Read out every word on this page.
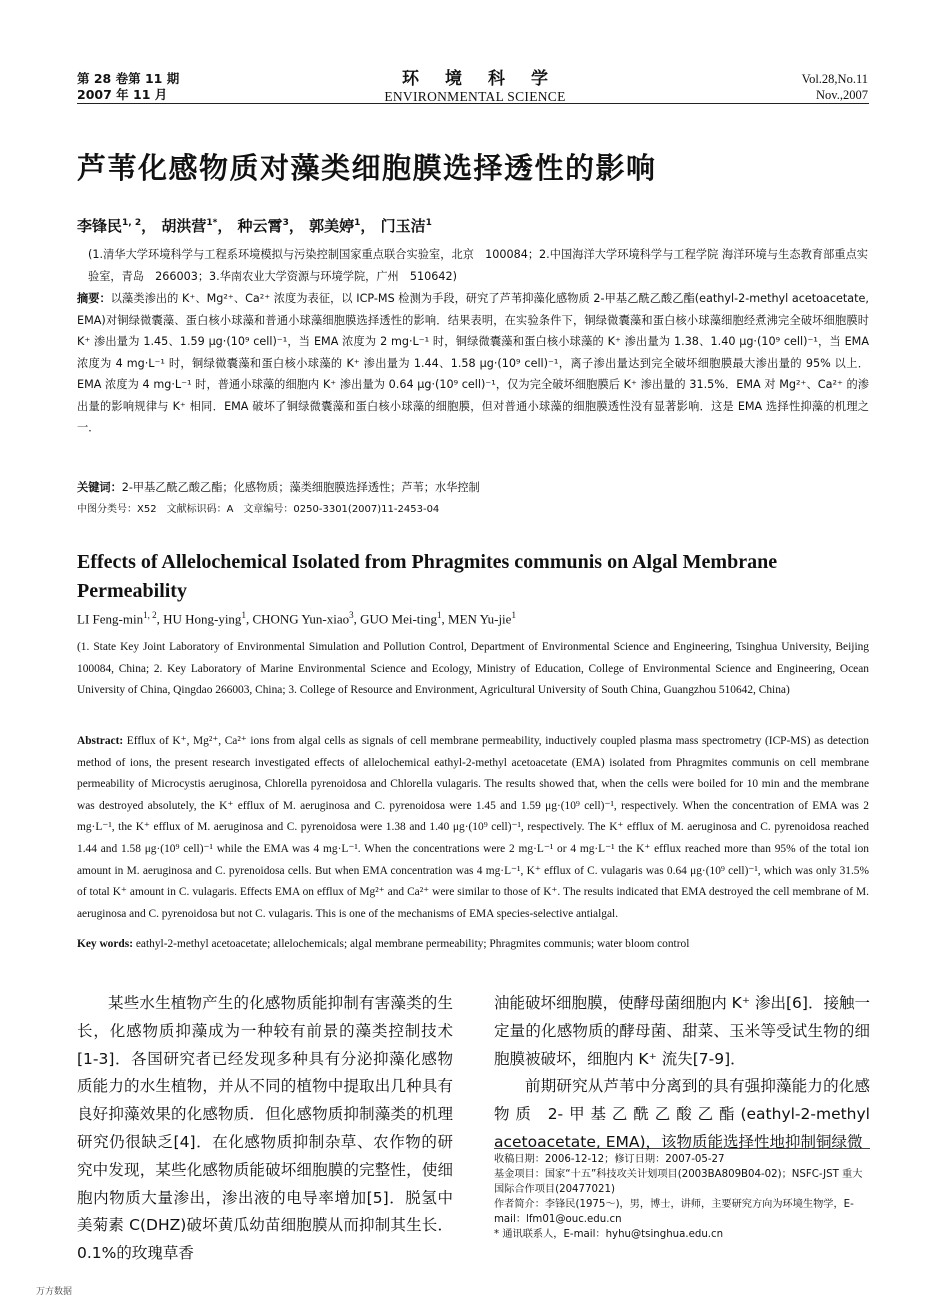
第 28 卷第 11 期
2007 年 11 月
环境科学
ENVIRONMENTAL SCIENCE
Vol.28,No.11
Nov.,2007
芦苇化感物质对藻类细胞膜选择透性的影响
李锋民$^{1, 2}$， 胡洪营$^{1*}$， 种云霄$^3$， 郭美婷$^1$， 门玉洁$^1$
(1.清华大学环境科学与工程系环境模拟与污染控制国家重点联合实验室，北京　100084；2.中国海洋大学环境科学与工程学院 海洋环境与生态教育部重点实验室，青岛　266003；3.华南农业大学资源与环境学院，广州　510642)
摘要：以藻类渗出的 K⁺、Mg²⁺、Ca²⁺ 浓度为表征，以 ICP-MS 检测为手段，研究了芦苇抑藻化感物质 2-甲基乙酰乙酸乙酯(eathyl-2-methyl acetoacetate, EMA)对铜绿微囊藻、蛋白核小球藻和普通小球藻细胞膜选择透性的影响．结果表明，在实验条件下，铜绿微囊藻和蛋白核小球藻细胞经煮沸完全破坏细胞膜时 K⁺ 渗出量为 1.45、1.59 μg·(10⁹ cell)⁻¹，当 EMA 浓度为 2 mg·L⁻¹ 时，铜绿微囊藻和蛋白核小球藻的 K⁺ 渗出量为 1.38、1.40 μg·(10⁹ cell)⁻¹，当 EMA 浓度为 4 mg·L⁻¹ 时，铜绿微囊藻和蛋白核小球藻的 K⁺ 渗出量为 1.44、1.58 μg·(10⁹ cell)⁻¹，离子渗出量达到完全破坏细胞膜最大渗出量的 95% 以上．EMA 浓度为 4 mg·L⁻¹ 时，普通小球藻的细胞内 K⁺ 渗出量为 0.64 μg·(10⁹ cell)⁻¹，仅为完全破坏细胞膜后 K⁺ 渗出量的 31.5%．EMA 对 Mg²⁺、Ca²⁺ 的渗出量的影响规律与 K⁺ 相同．EMA 破坏了铜绿微囊藻和蛋白核小球藻的细胞膜，但对普通小球藻的细胞膜透性没有显著影响．这是 EMA 选择性抑藻的机理之一．
关键词：2-甲基乙酰乙酸乙酯；化感物质；藻类细胞膜选择透性；芦苇；水华控制
中图分类号：X52　文献标识码：A　文章编号：0250-3301(2007)11-2453-04
Effects of Allelochemical Isolated from Phragmites communis on Algal Membrane Permeability
LI Feng-$\min^{1, 2}$, HU Hong-ying$^1$, CHONG Yun-xiao$^3$, GUO Mei-ting$^1$, MEN Yu-jie$^1$
(1. State Key Joint Laboratory of Environmental Simulation and Pollution Control, Department of Environmental Science and Engineering, Tsinghua University, Beijing 100084, China; 2. Key Laboratory of Marine Environmental Science and Ecology, Ministry of Education, College of Environmental Science and Engineering, Ocean University of China, Qingdao 266003, China; 3. College of Resource and Environment, Agricultural University of South China, Guangzhou 510642, China)
Abstract: Efflux of K⁺, Mg²⁺, Ca²⁺ ions from algal cells as signals of cell membrane permeability, inductively coupled plasma mass spectrometry (ICP-MS) as detection method of ions, the present research investigated effects of allelochemical eathyl-2-methyl acetoacetate (EMA) isolated from Phragmites communis on cell membrane permeability of Microcystis aeruginosa, Chlorella pyrenoidosa and Chlorella vulagaris. The results showed that, when the cells were boiled for 10 min and the membrane was destroyed absolutely, the K⁺ efflux of M. aeruginosa and C. pyrenoidosa were 1.45 and 1.59 μg·(10⁹ cell)⁻¹, respectively. When the concentration of EMA was 2 mg·L⁻¹, the K⁺ efflux of M. aeruginosa and C. pyrenoidosa were 1.38 and 1.40 μg·(10⁹ cell)⁻¹, respectively. The K⁺ efflux of M. aeruginosa and C. pyrenoidosa reached 1.44 and 1.58 μg·(10⁹ cell)⁻¹ while the EMA was 4 mg·L⁻¹. When the concentrations were 2 mg·L⁻¹ or 4 mg·L⁻¹ the K⁺ efflux reached more than 95% of the total ion amount in M. aeruginosa and C. pyrenoidosa cells. But when EMA concentration was 4 mg·L⁻¹, K⁺ efflux of C. vulagaris was 0.64 μg·(10⁹ cell)⁻¹, which was only 31.5% of total K⁺ amount in C. vulagaris. Effects EMA on efflux of Mg²⁺ and Ca²⁺ were similar to those of K⁺. The results indicated that EMA destroyed the cell membrane of M. aeruginosa and C. pyrenoidosa but not C. vulagaris. This is one of the mechanisms of EMA species-selective antialgal.
Key words: eathyl-2-methyl acetoacetate; allelochemicals; algal membrane permeability; Phragmites communis; water bloom control

某些水生植物产生的化感物质能抑制有害藻类的生长，化感物质抑藻成为一种较有前景的藻类控制技术[1-3]．各国研究者已经发现多种具有分泌抑藻化感物质能力的水生植物，并从不同的植物中提取出几种具有良好抑藻效果的化感物质．但化感物质抑制藻类的机理研究仍很缺乏[4]．在化感物质抑制杂草、农作物的研究中发现，某些化感物质能破坏细胞膜的完整性，使细胞内物质大量渗出，渗出液的电导率增加[5]．脱氢中美菊素 C(DHZ)破坏黄瓜幼苗细胞膜从而抑制其生长．0.1%的玫瑰草香

油能破坏细胞膜，使酵母菌细胞内 K⁺ 渗出[6]．接触一定量的化感物质的酵母菌、甜菜、玉米等受试生物的细胞膜被破坏，细胞内 K⁺ 流失[7-9]．

前期研究从芦苇中分离到的具有强抑藻能力的化感物质 2-甲基乙酰乙酸乙酯(eathyl-2-methyl acetoacetate, EMA)，该物质能选择性地抑制铜绿微

收稿日期：2006-12-12；修订日期：2007-05-27

基金项目：国家“十五”科技攻关计划项目(2003BA809B04-02)；NSFC-JST 重大国际合作项目(20477021)

作者简介：李锋民(1975～)，男，博士，讲师，主要研究方向为环境生物学，E-mail：lfm01@ouc.edu.cn

* 通讯联系人，E-mail：hyhu@tsinghua.edu.cn

万方数据
